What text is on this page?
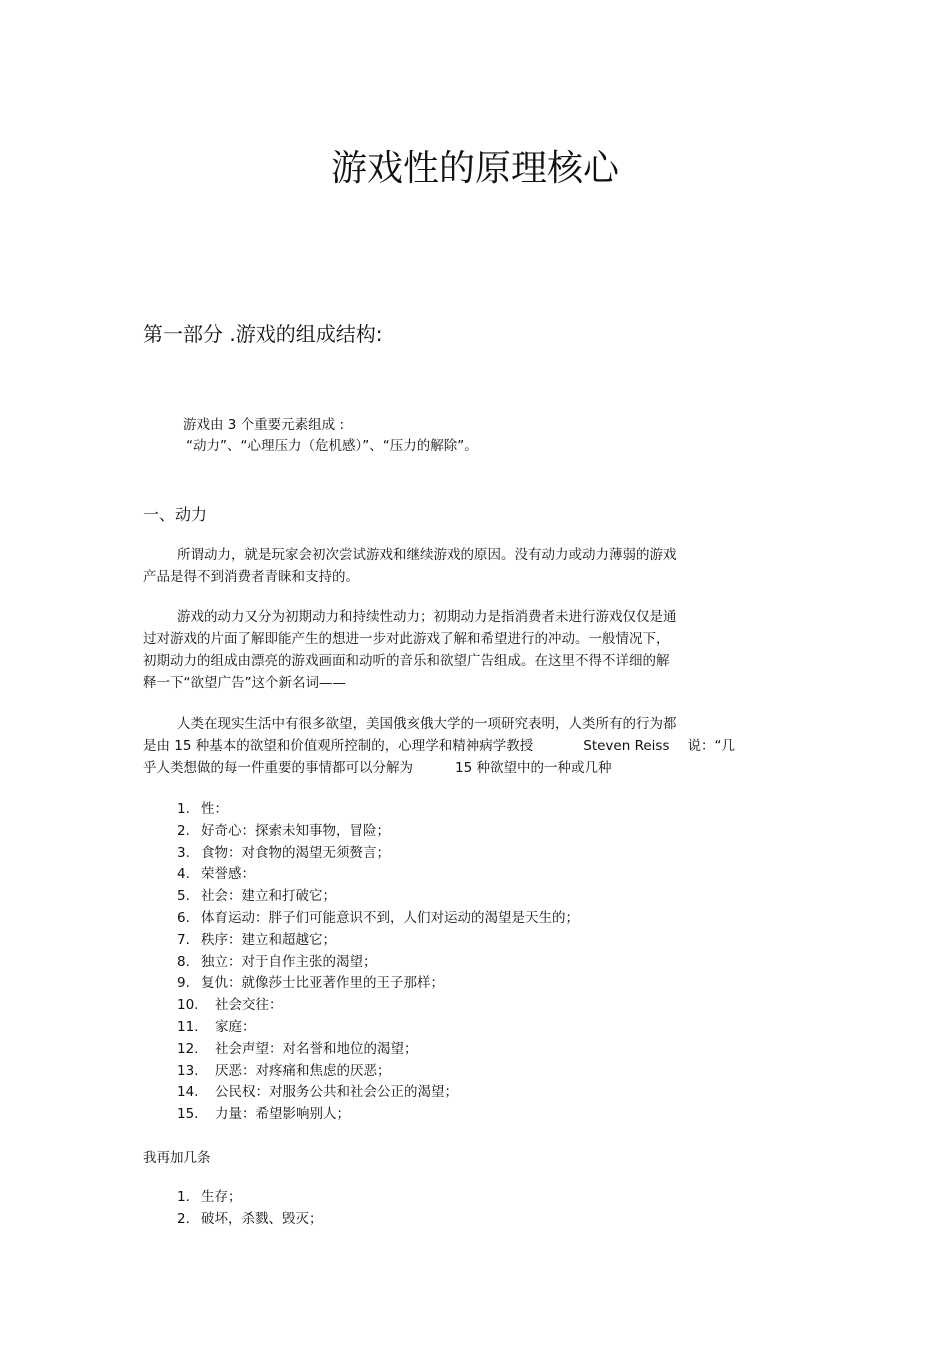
游戏性的原理核心
第一部分 .游戏的组成结构:
游戏由 3 个重要元素组成 :
“动力”、“心理压力（危机感）”、“压力的解除”。
一、动力
所谓动力，就是玩家会初次尝试游戏和继续游戏的原因。没有动力或动力薄弱的游戏
产品是得不到消费者青睐和支持的。
游戏的动力又分为初期动力和持续性动力；初期动力是指消费者未进行游戏仅仅是通
过对游戏的片面了解即能产生的想进一步对此游戏了解和希望进行的冲动。一般情况下，
初期动力的组成由漂亮的游戏画面和动听的音乐和欲望广告组成。在这里不得不详细的解
释一下“欲望广告”这个新名词——
人类在现实生活中有很多欲望，美国俄亥俄大学的一项研究表明，人类所有的行为都
是由 15 种基本的欲望和价值观所控制的，心理学和精神病学教授	Steven Reiss 说：“几
乎人类想做的每一件重要的事情都可以分解为	15 种欲望中的一种或几种
1. 性：
2. 好奇心：探索未知事物，冒险；
3. 食物：对食物的渴望无须赘言；
4. 荣誉感：
5. 社会：建立和打破它；
6. 体育运动：胖子们可能意识不到，人们对运动的渴望是天生的；
7. 秩序：建立和超越它；
8. 独立：对于自作主张的渴望；
9. 复仇：就像莎士比亚著作里的王子那样；
10. 社会交往：
11. 家庭：
12. 社会声望：对名誉和地位的渴望；
13. 厌恶：对疼痛和焦虑的厌恶；
14. 公民权：对服务公共和社会公正的渴望；
15. 力量：希望影响别人；
我再加几条
1. 生存；
2. 破坏，杀戮、毁灭；
